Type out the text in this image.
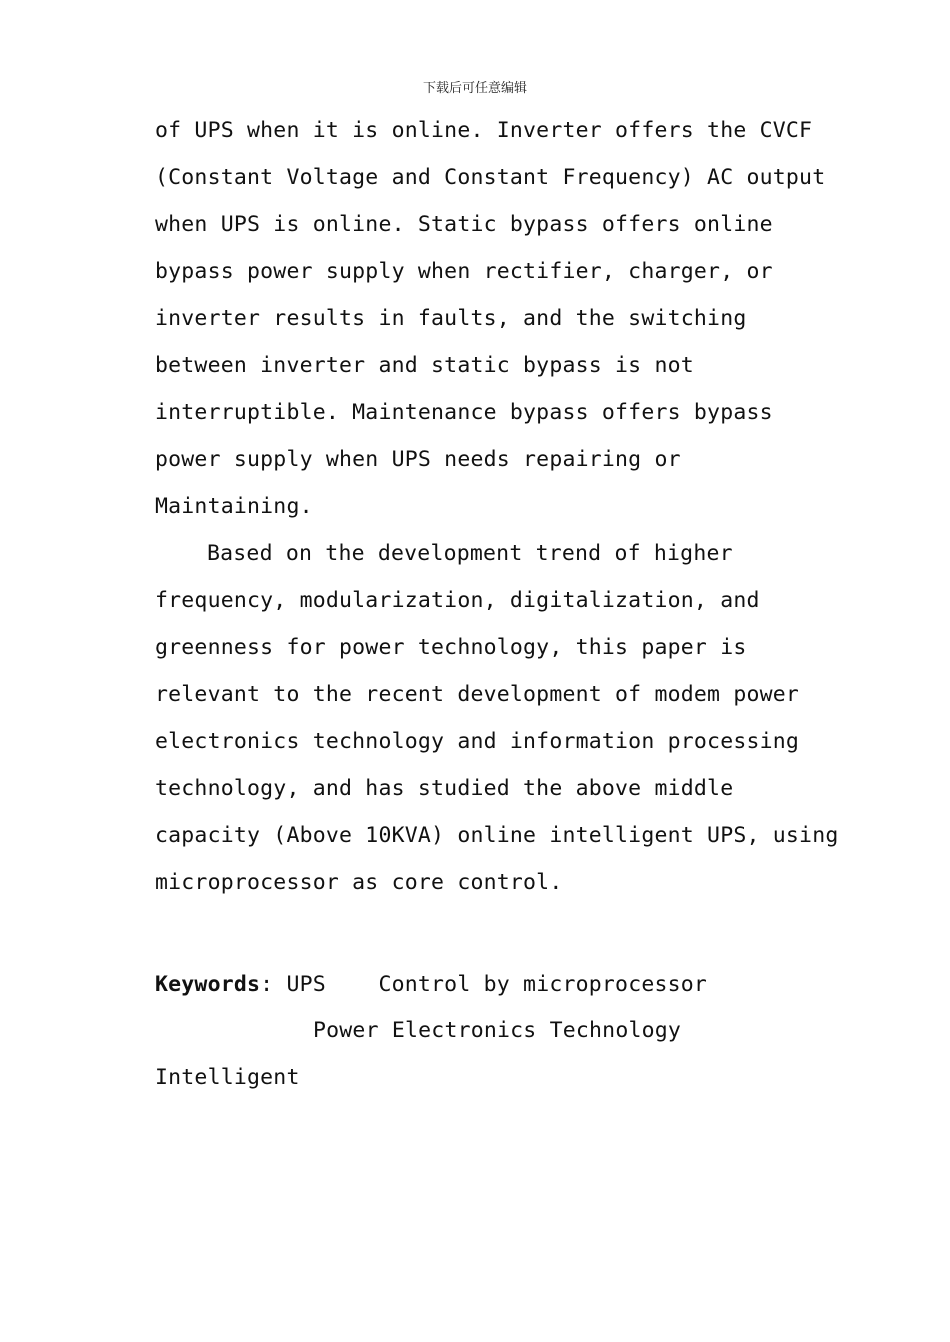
下载后可任意编辑
of UPS when it is online. Inverter offers the CVCF
(Constant Voltage and Constant Frequency) AC output
when UPS is online. Static bypass offers online
bypass power supply when rectifier, charger, or
inverter results in faults, and the switching
between inverter and static bypass is not
interruptible. Maintenance bypass offers bypass
power supply when UPS needs repairing or
Maintaining.
Based on the development trend of higher
frequency, modularization, digitalization, and
greenness for power technology, this paper is
relevant to the recent development of modem power
electronics technology and information processing
technology, and has studied the above middle
capacity (Above 10KVA) online intelligent UPS, using
microprocessor as core control.
Keywords: UPS    Control by microprocessor
Power Electronics Technology
Intelligent
